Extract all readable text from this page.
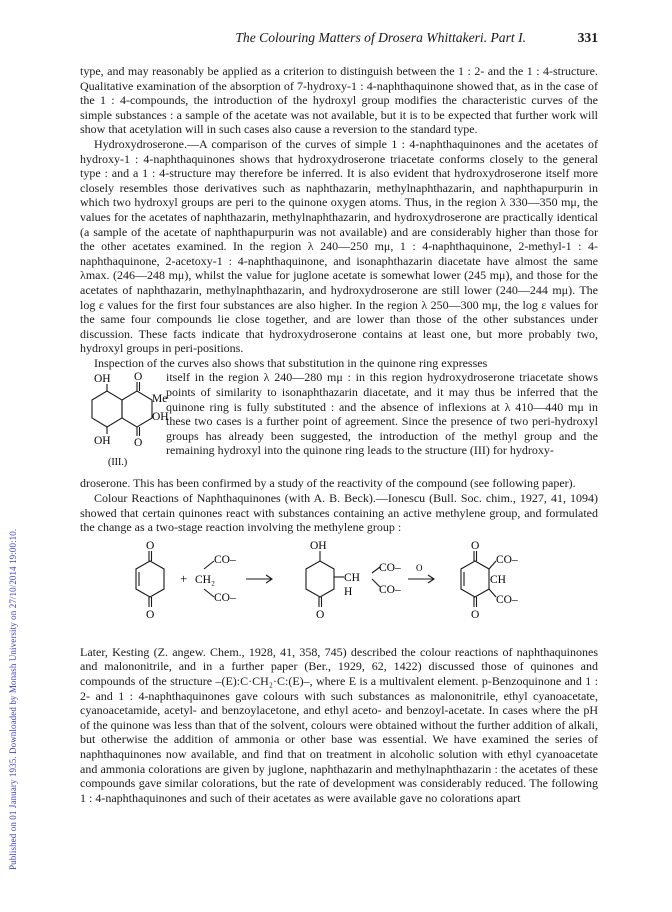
Published on 01 January 1935. Downloaded by Monash University on 27/10/2014 19:00:10.
The Colouring Matters of Drosera Whittakeri. Part I.	331

type, and may reasonably be applied as a criterion to distinguish between the 1 : 2- and the 1 : 4-structure. Qualitative examination of the absorption of 7-hydroxy-1 : 4-naphthaquinone showed that, as in the case of the 1 : 4-compounds, the introduction of the hydroxyl group modifies the characteristic curves of the simple substances : a sample of the acetate was not available, but it is to be expected that further work will show that acetylation will in such cases also cause a reversion to the standard type.

Hydroxydroserone.—A comparison of the curves of simple 1 : 4-naphthaquinones and the acetates of hydroxy-1 : 4-naphthaquinones shows that hydroxydroserone triacetate conforms closely to the general type : and a 1 : 4-structure may therefore be inferred. It is also evident that hydroxydroserone itself more closely resembles those derivatives such as naphthazarin, methylnaphthazarin, and naphthapurpurin in which two hydroxyl groups are peri to the quinone oxygen atoms. Thus, in the region λ 330—350 mμ, the values for the acetates of naphthazarin, methylnaphthazarin, and hydroxydroserone are practically identical (a sample of the acetate of naphthapurpurin was not available) and are considerably higher than those for the other acetates examined. In the region λ 240—250 mμ, 1 : 4-naphthaquinone, 2-methyl-1 : 4-naphthaquinone, 2-acetoxy-1 : 4-naphthaquinone, and isonaphthazarin diacetate have almost the same λmax. (246—248 mμ), whilst the value for juglone acetate is somewhat lower (245 mμ), and those for the acetates of naphthazarin, methylnaphthazarin, and hydroxydroserone are still lower (240—244 mμ). The log ε values for the first four substances are also higher. In the region λ 250—300 mμ, the log ε values for the same four compounds lie close together, and are lower than those of the other substances under discussion. These facts indicate that hydroxydroserone contains at least one, but more probably two, hydroxyl groups in peri-positions.

Inspection of the curves also shows that substitution in the quinone ring expresses

OH O
Me
OH
OH O
(III.)
itself in the region λ 240—280 mμ : in this region hydroxydroserone triacetate shows points of similarity to isonaphthazarin diacetate, and it may thus be inferred that the quinone ring is fully substituted : and the absence of inflexions at λ 410—440 mμ in these two cases is a further point of agreement. Since the presence of two peri-hydroxyl groups has already been suggested, the introduction of the methyl group and the remaining hydroxyl into the quinone ring leads to the structure (III) for hydroxy-

droserone. This has been confirmed by a study of the reactivity of the compound (see following paper).

Colour Reactions of Naphthaquinones (with A. B. Beck).—Ionescu (Bull. Soc. chim., 1927, 41, 1094) showed that certain quinones react with substances containing an active methylene group, and formulated the change as a two-stage reaction involving the methylene group :

O
O
+
CO–
CH₂
CO–
OH
CH
CO–
CO–
H
O
O
O
O
CO–
CH
CO–

Later, Kesting (Z. angew. Chem., 1928, 41, 358, 745) described the colour reactions of naphthaquinones and malononitrile, and in a further paper (Ber., 1929, 62, 1422) discussed those of quinones and compounds of the structure –(E):C·CH₂·C:(E)–, where E is a multivalent element. p-Benzoquinone and 1 : 2- and 1 : 4-naphthaquinones gave colours with such substances as malononitrile, ethyl cyanoacetate, cyanoacetamide, acetyl- and benzoylacetone, and ethyl aceto- and benzoyl-acetate. In cases where the pH of the quinone was less than that of the solvent, colours were obtained without the further addition of alkali, but otherwise the addition of ammonia or other base was essential. We have examined the series of naphthaquinones now available, and find that on treatment in alcoholic solution with ethyl cyanoacetate and ammonia colorations are given by juglone, naphthazarin and methylnaphthazarin : the acetates of these compounds gave similar colorations, but the rate of development was considerably reduced. The following 1 : 4-naphthaquinones and such of their acetates as were available gave no colorations apart
